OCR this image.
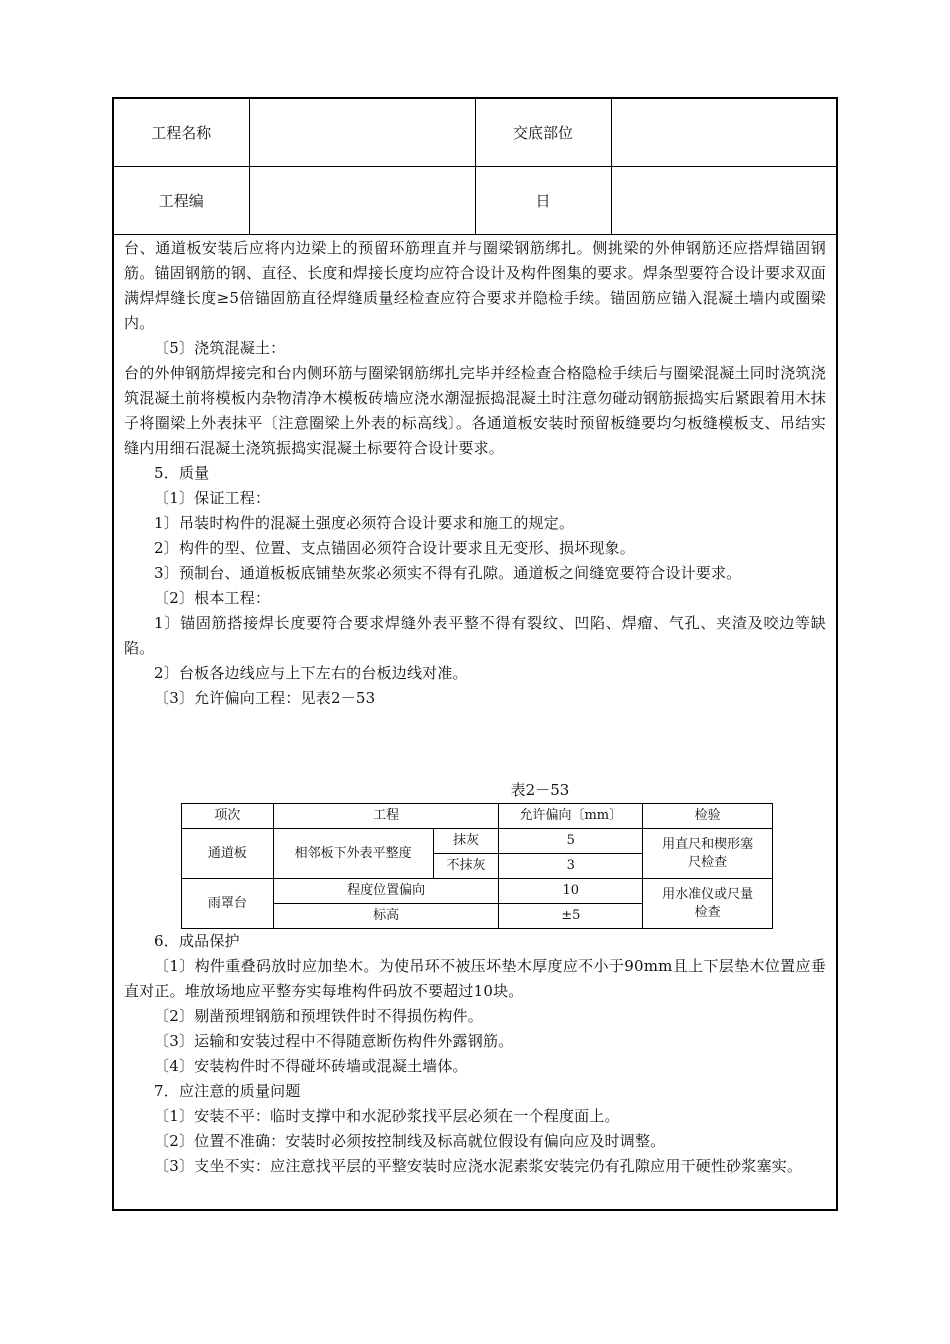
工程名称		交底部位	
工程编		日	

台、通道板安装后应将内边梁上的预留环筋理直并与圈梁钢筋绑扎。侧挑梁的外伸钢筋还应搭焊锚固钢筋。锚固钢筋的钢、直径、长度和焊接长度均应符合设计及构件图集的要求。焊条型要符合设计要求双面满焊焊缝长度≥5倍锚固筋直径焊缝质量经检查应符合要求并隐检手续。锚固筋应锚入混凝土墙内或圈梁内。

〔5〕浇筑混凝土：

台的外伸钢筋焊接完和台内侧环筋与圈梁钢筋绑扎完毕并经检查合格隐检手续后与圈梁混凝土同时浇筑浇筑混凝土前将模板内杂物清净木模板砖墙应浇水潮湿振捣混凝土时注意勿碰动钢筋振捣实后紧跟着用木抹子将圈梁上外表抹平〔注意圈梁上外表的标高线〕。各通道板安装时预留板缝要均匀板缝模板支、吊结实缝内用细石混凝土浇筑振捣实混凝土标要符合设计要求。

5．质量

〔1〕保证工程：

1〕吊装时构件的混凝土强度必须符合设计要求和施工的规定。

2〕构件的型、位置、支点锚固必须符合设计要求且无变形、损坏现象。

3〕预制台、通道板板底铺垫灰浆必须实不得有孔隙。通道板之间缝宽要符合设计要求。

〔2〕根本工程：

1〕锚固筋搭接焊长度要符合要求焊缝外表平整不得有裂纹、凹陷、焊瘤、气孔、夹渣及咬边等缺陷。

2〕台板各边线应与上下左右的台板边线对准。

〔3〕允许偏向工程：见表2－53

表2－53
项次	工程		允许偏向〔mm〕	检验
通道板	相邻板下外表平整度	抹灰	5	用直尺和楔形塞
尺检查

		不抹灰	3	
雨罩台	程度位置偏向		10	用水准仪或尺量
检查

	标高		±5	

6．成品保护

〔1〕构件重叠码放时应加垫木。为使吊环不被压坏垫木厚度应不小于90mm且上下层垫木位置应垂直对正。堆放场地应平整夯实每堆构件码放不要超过10块。

〔2〕剔凿预埋钢筋和预埋铁件时不得损伤构件。

〔3〕运输和安装过程中不得随意断伤构件外露钢筋。

〔4〕安装构件时不得碰坏砖墙或混凝土墙体。

7．应注意的质量问题

〔1〕安装不平：临时支撑中和水泥砂浆找平层必须在一个程度面上。

〔2〕位置不准确：安装时必须按控制线及标高就位假设有偏向应及时调整。

〔3〕支坐不实：应注意找平层的平整安装时应浇水泥素浆安装完仍有孔隙应用干硬性砂浆塞实。
